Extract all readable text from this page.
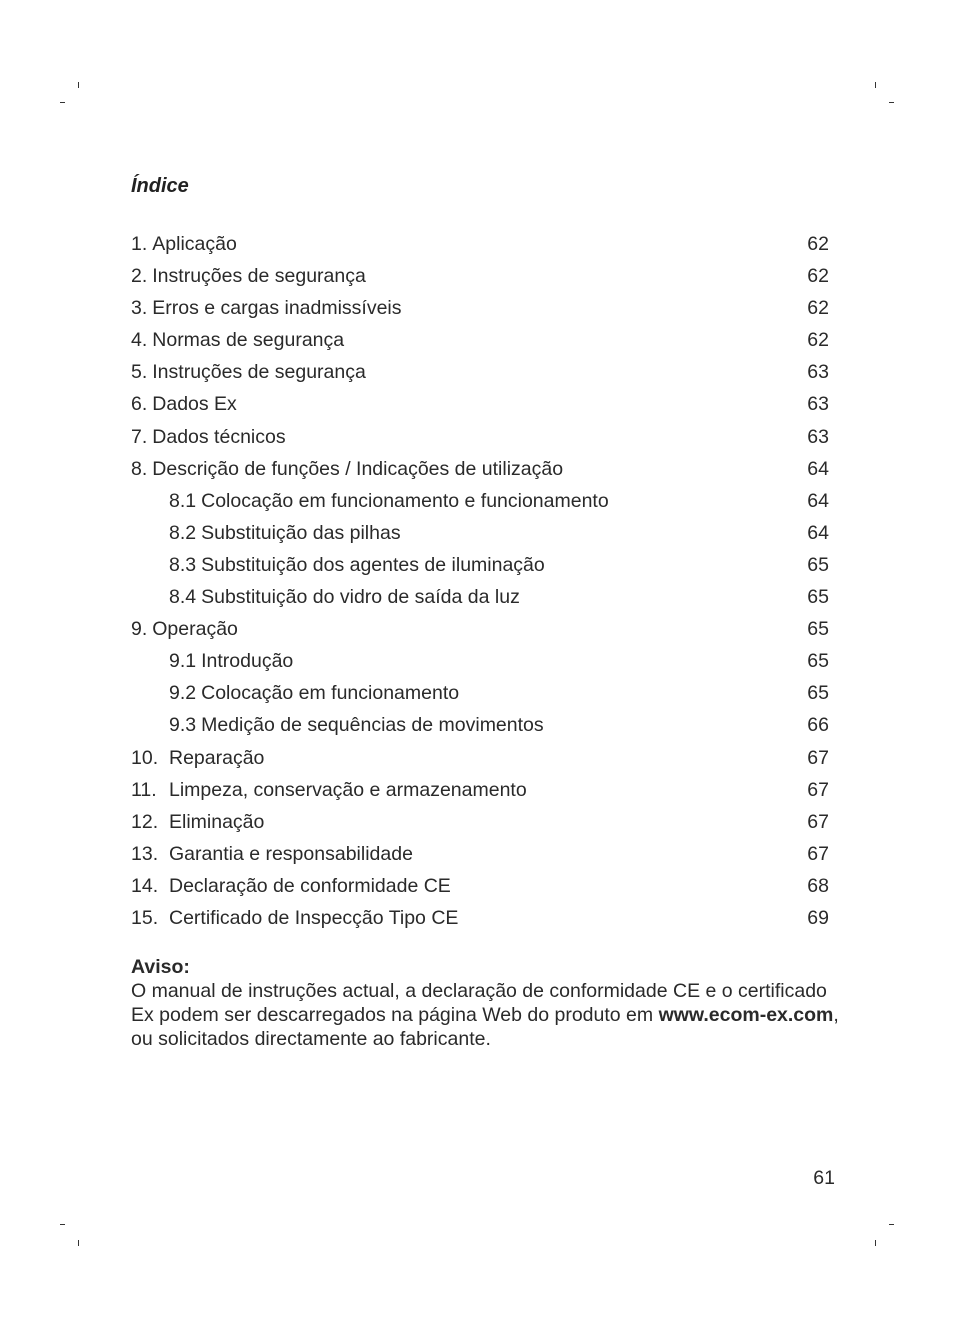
Índice
1. Aplicação	62
2. Instruções de segurança	62
3. Erros e cargas inadmissíveis	62
4. Normas de segurança	62
5. Instruções de segurança	63
6. Dados Ex	63
7. Dados técnicos	63
8. Descrição de funções / Indicações de utilização	64
8.1 Colocação em funcionamento e funcionamento	64
8.2 Substituição das pilhas	64
8.3 Substituição dos agentes de iluminação	65
8.4 Substituição do vidro de saída da luz	65
9. Operação	65
9.1 Introdução	65
9.2 Colocação em funcionamento	65
9.3 Medição de sequências de movimentos	66
10. Reparação	67
11. Limpeza, conservação e armazenamento	67
12. Eliminação	67
13. Garantia e responsabilidade	67
14. Declaração de conformidade CE	68
15. Certificado de Inspecção Tipo CE	69
Aviso:
O manual de instruções actual, a declaração de conformidade CE e o certificado
Ex podem ser descarregados na página Web do produto em www.ecom-ex.com,
ou solicitados directamente ao fabricante.
61
